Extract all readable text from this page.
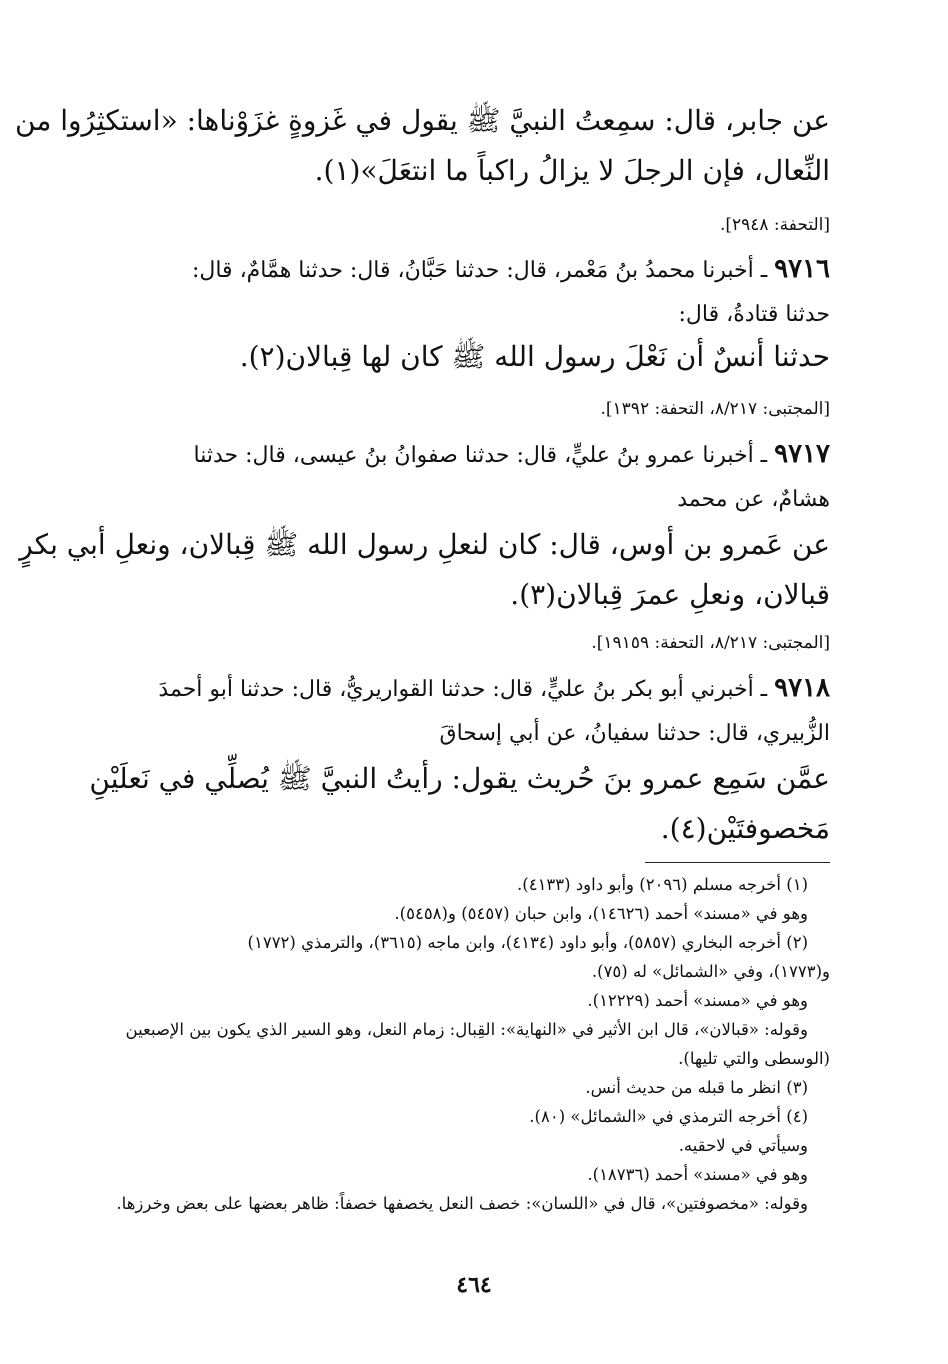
عن جابر، قال: سمِعتُ النبيَّ ﷺ يقول في غَزوةٍ غزَوْناها: «استكثِرُوا من
النِّعال، فإن الرجلَ لا يزالُ راكباً ما انتعَلَ»(١).
[التحفة: ٢٩٤٨].
٩٧١٦ ـ أخبرنا محمدُ بنُ مَعْمر، قال: حدثنا حَبَّانُ، قال: حدثنا همَّامٌ، قال:
حدثنا قتادةُ، قال:
حدثنا أنسٌ أن نَعْلَ رسول الله ﷺ كان لها قِبالان(٢).
[المجتبى: ٨/٢١٧، التحفة: ١٣٩٢].
٩٧١٧ ـ أخبرنا عمرو بنُ عليٍّ، قال: حدثنا صفوانُ بنُ عيسى، قال: حدثنا
هشامٌ، عن محمد
عن عَمرو بن أوس، قال: كان لنعلِ رسول الله ﷺ قِبالان، ونعلِ أبي بكرٍ
قبالان، ونعلِ عمرَ قِبالان(٣).
[المجتبى: ٨/٢١٧، التحفة: ١٩١٥٩].
٩٧١٨ ـ أخبرني أبو بكر بنُ عليٍّ، قال: حدثنا القواريريُّ، قال: حدثنا أبو أحمدَ
الزُّبيري، قال: حدثنا سفيانُ، عن أبي إسحاقَ
عمَّن سَمِع عمرو بنَ حُريث يقول: رأيتُ النبيَّ ﷺ يُصلِّي في نَعلَيْنِ
مَخصوفتَيْن(٤).
(١) أخرجه مسلم (٢٠٩٦) وأبو داود (٤١٣٣).
وهو في «مسند» أحمد (١٤٦٢٦)، وابن حبان (٥٤٥٧) و(٥٤٥٨).
(٢) أخرجه البخاري (٥٨٥٧)، وأبو داود (٤١٣٤)، وابن ماجه (٣٦١٥)، والترمذي (١٧٧٢)
و(١٧٧٣)، وفي «الشمائل» له (٧٥).
وهو في «مسند» أحمد (١٢٢٢٩).
وقوله: «قبالان»، قال ابن الأثير في «النهاية»: القِبال: زمام النعل، وهو السير الذي يكون بين الإصبعين
(الوسطى والتي تليها).
(٣) انظر ما قبله من حديث أنس.
(٤) أخرجه الترمذي في «الشمائل» (٨٠).
وسيأتي في لاحقيه.
وهو في «مسند» أحمد (١٨٧٣٦).
وقوله: «مخصوفتين»، قال في «اللسان»: خصف النعل يخصفها خصفاً: ظاهر بعضها على بعض وخرزها.
٤٦٤
